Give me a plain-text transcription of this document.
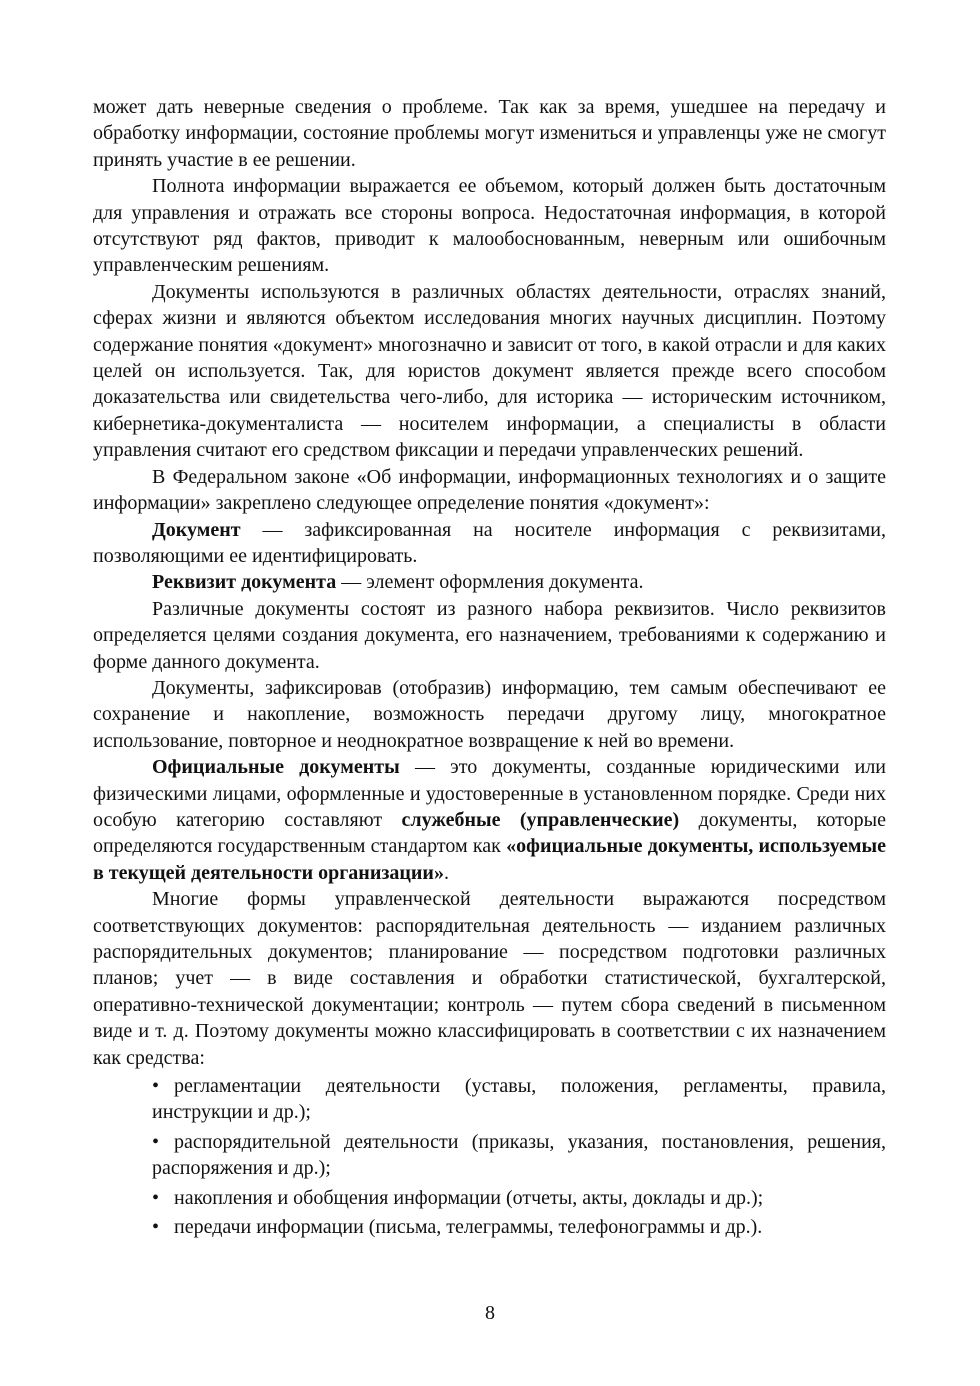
может дать неверные сведения о проблеме. Так как за время, ушедшее на передачу и обработку информации, состояние проблемы могут измениться и управленцы уже не смогут принять участие в ее решении.

Полнота информации выражается ее объемом, который должен быть достаточным для управления и отражать все стороны вопроса. Недостаточная информация, в которой отсутствуют ряд фактов, приводит к малообоснованным, неверным или ошибочным управленческим решениям.

Документы используются в различных областях деятельности, отраслях знаний, сферах жизни и являются объектом исследования многих научных дисциплин. Поэтому содержание понятия «документ» многозначно и зависит от того, в какой отрасли и для каких целей он используется. Так, для юристов документ является прежде всего способом доказательства или свидетельства чего-либо, для историка — историческим источником, кибернетика-документалиста — носителем информации, а специалисты в области управления считают его средством фиксации и передачи управленческих решений.

В Федеральном законе «Об информации, информационных технологиях и о защите информации» закреплено следующее определение понятия «документ»:

Документ — зафиксированная на носителе информация с реквизитами, позволяющими ее идентифицировать.

Реквизит документа — элемент оформления документа.

Различные документы состоят из разного набора реквизитов. Число реквизитов определяется целями создания документа, его назначением, требованиями к содержанию и форме данного документа.

Документы, зафиксировав (отобразив) информацию, тем самым обеспечивают ее сохранение и накопление, возможность передачи другому лицу, многократное использование, повторное и неоднократное возвращение к ней во времени.

Официальные документы — это документы, созданные юридическими или физическими лицами, оформленные и удостоверенные в установленном порядке. Среди них особую категорию составляют служебные (управленческие) документы, которые определяются государственным стандартом как «официальные документы, используемые в текущей деятельности организации».

Многие формы управленческой деятельности выражаются посредством соответствующих документов: распорядительная деятельность — изданием различных распорядительных документов; планирование — посредством подготовки различных планов; учет — в виде составления и обработки статистической, бухгалтерской, оперативно-технической документации; контроль — путем сбора сведений в письменном виде и т. д. Поэтому документы можно классифицировать в соответствии с их назначением как средства:

• регламентации деятельности (уставы, положения, регламенты, правила, инструкции и др.);
• распорядительной деятельности (приказы, указания, постановления, решения, распоряжения и др.);
• накопления и обобщения информации (отчеты, акты, доклады и др.);
• передачи информации (письма, телеграммы, телефонограммы и др.).
8
